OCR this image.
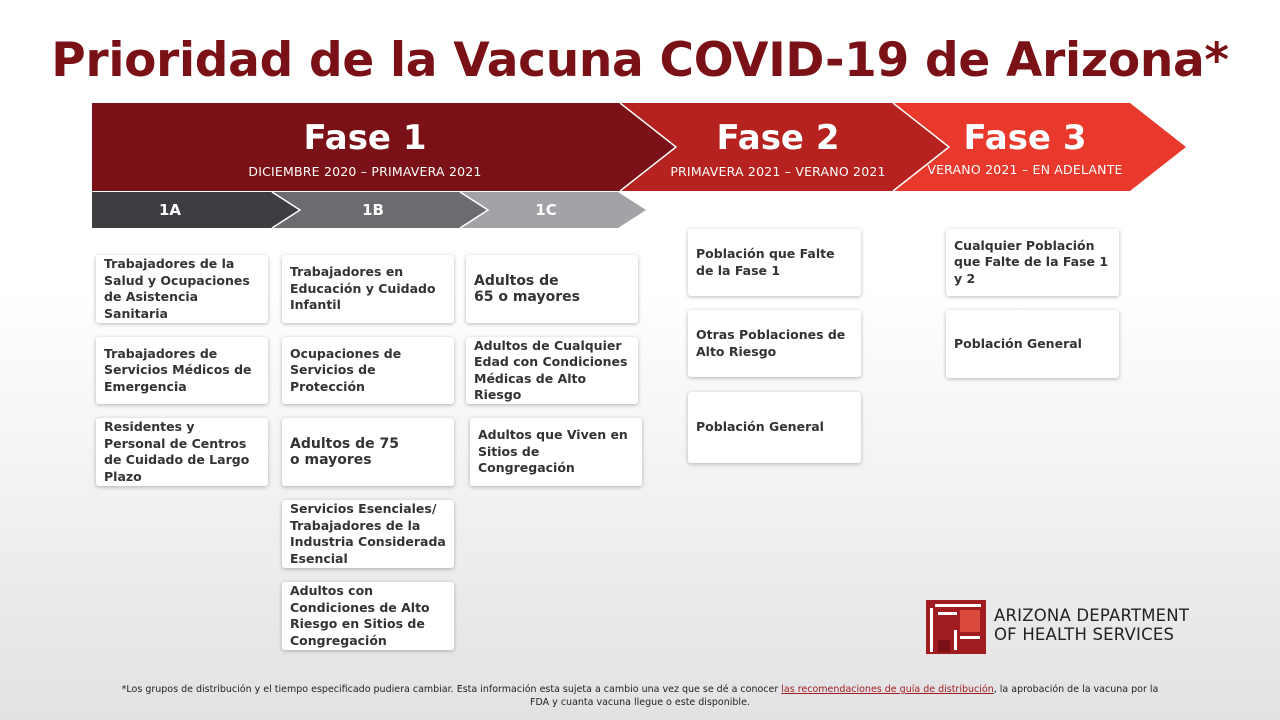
Prioridad de la Vacuna COVID-19 de Arizona*
Fase 1
DICIEMBRE 2020 – PRIMAVERA 2021
Fase 2
PRIMAVERA 2021 – VERANO 2021
Fase 3
VERANO 2021 – EN ADELANTE
1A	1B	1C
Trabajadores de la Salud y Ocupaciones de Asistencia Sanitaria
Trabajadores de Servicios Médicos de Emergencia
Residentes y Personal de Centros de Cuidado de Largo Plazo
Trabajadores en Educación y Cuidado Infantil
Ocupaciones de Servicios de Protección
Adultos de 75 o mayores
Servicios Esenciales/ Trabajadores de la Industria Considerada Esencial
Adultos con Condiciones de Alto Riesgo en Sitios de Congregación
Adultos de 65 o mayores
Adultos de Cualquier Edad con Condiciones Médicas de Alto Riesgo
Adultos que Viven en Sitios de Congregación
Población que Falte de la Fase 1
Otras Poblaciones de Alto Riesgo
Población General
Cualquier Población que Falte de la Fase 1 y 2
Población General
ARIZONA DEPARTMENT
OF HEALTH SERVICES
*Los grupos de distribución y el tiempo especificado pudiera cambiar. Esta información esta sujeta a cambio una vez que se dé a conocer las recomendaciones de guía de distribución, la aprobación de la vacuna por la FDA y cuanta vacuna llegue o este disponible.
